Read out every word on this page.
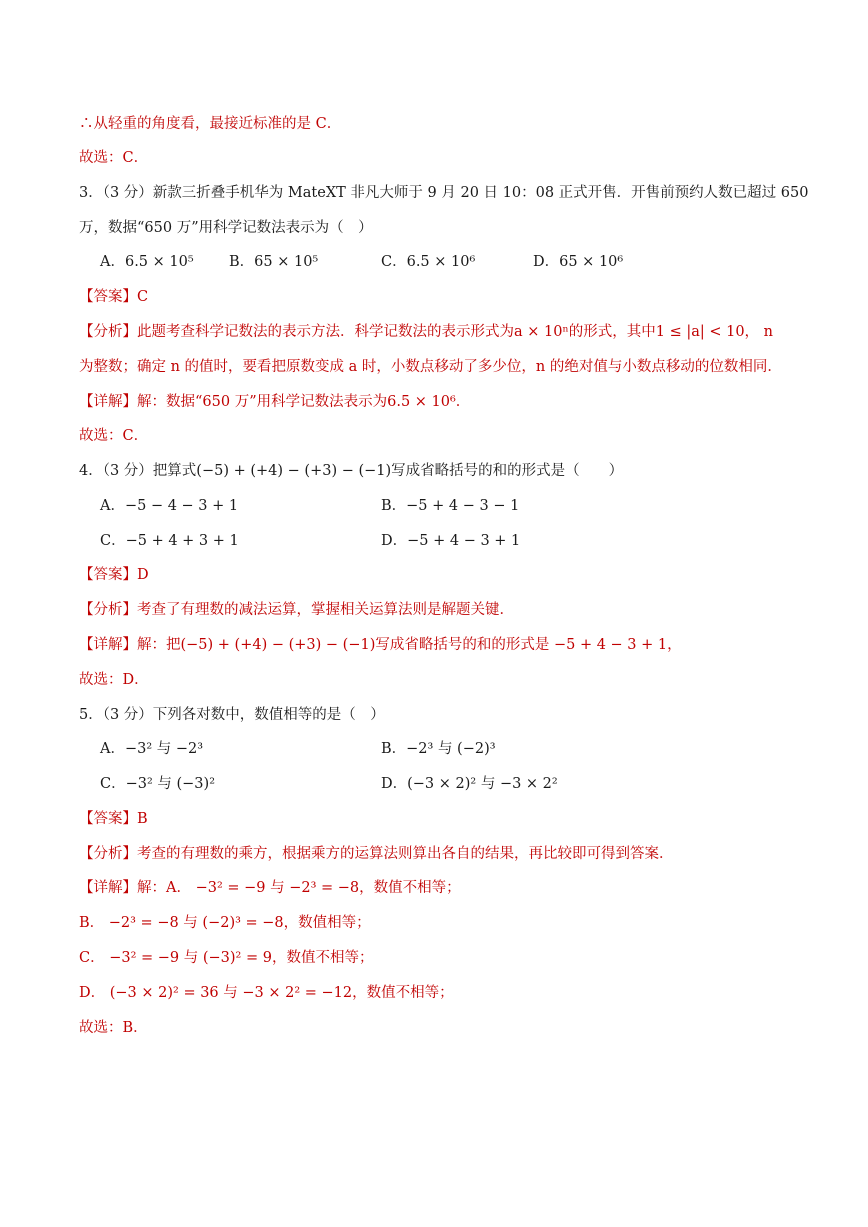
∴从轻重的角度看，最接近标准的是 C．
故选：C．
3．（3 分）新款三折叠手机华为 MateXT 非凡大师于 9 月 20 日 10：08 正式开售．开售前预约人数已超过 650
万，数据“650 万”用科学记数法表示为（　）
A．6.5 × 10⁵ B．65 × 10⁵	C．6.5 × 10⁶	D．65 × 10⁶
【答案】C
【分析】此题考查科学记数法的表示方法．科学记数法的表示形式为a × 10ⁿ的形式，其中1 ≤ |a| < 10， n
为整数；确定 n 的值时，要看把原数变成 a 时，小数点移动了多少位，n 的绝对值与小数点移动的位数相同．
【详解】解：数据“650 万”用科学记数法表示为6.5 × 10⁶．
故选：C．
4．（3 分）把算式(−5) + (+4) − (+3) − (−1)写成省略括号的和的形式是（　　）
A．−5 − 4 − 3 + 1	B．−5 + 4 − 3 − 1
C．−5 + 4 + 3 + 1	D．−5 + 4 − 3 + 1
【答案】D
【分析】考查了有理数的减法运算，掌握相关运算法则是解题关键．
【详解】解：把(−5) + (+4) − (+3) − (−1)写成省略括号的和的形式是 −5 + 4 − 3 + 1，
故选：D．
5．（3 分）下列各对数中，数值相等的是（　）
A．−3² 与 −2³	B．−2³ 与 (−2)³
C．−3² 与 (−3)²	D．(−3 × 2)² 与 −3 × 2²
【答案】B
【分析】考查的有理数的乘方，根据乘方的运算法则算出各自的结果，再比较即可得到答案．
【详解】解：A． −3² = −9 与 −2³ = −8，数值不相等；
B． −2³ = −8 与 (−2)³ = −8，数值相等；
C． −3² = −9 与 (−3)² = 9，数值不相等；
D． (−3 × 2)² = 36 与 −3 × 2² = −12，数值不相等；
故选：B．
